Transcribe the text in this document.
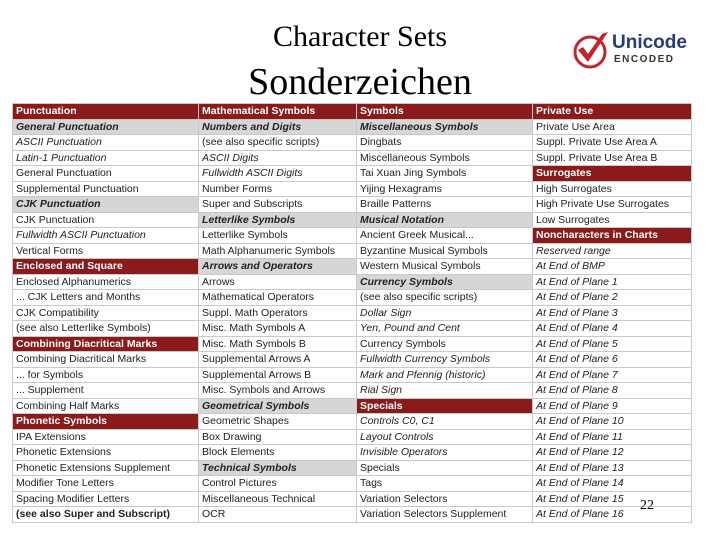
Character Sets
Sonderzeichen
Unicode
ENCODED
Punctuation	Mathematical Symbols	Symbols	Private Use
General Punctuation	Numbers and Digits	Miscellaneous Symbols	Private Use Area
ASCII Punctuation	(see also specific scripts)	Dingbats	Suppl. Private Use Area A
Latin-1 Punctuation	ASCII Digits	Miscellaneous Symbols	Suppl. Private Use Area B
General Punctuation	Fullwidth ASCII Digits	Tai Xuan Jing Symbols	Surrogates
Supplemental Punctuation	Number Forms	Yijing Hexagrams	High Surrogates
CJK Punctuation	Super and Subscripts	Braille Patterns	High Private Use Surrogates
CJK Punctuation	Letterlike Symbols	Musical Notation	Low Surrogates
Fullwidth ASCII Punctuation	Letterlike Symbols	Ancient Greek Musical...	Noncharacters in Charts
Vertical Forms	Math Alphanumeric Symbols	Byzantine Musical Symbols	Reserved range
Enclosed and Square	Arrows and Operators	Western Musical Symbols	At End of BMP
Enclosed Alphanumerics	Arrows	Currency Symbols	At End of Plane 1
... CJK Letters and Months	Mathematical Operators	(see also specific scripts)	At End of Plane 2
CJK Compatibility	Suppl. Math Operators	Dollar Sign	At End of Plane 3
(see also Letterlike Symbols)	Misc. Math Symbols A	Yen, Pound and Cent	At End of Plane 4
Combining Diacritical Marks	Misc. Math Symbols B	Currency Symbols	At End of Plane 5
Combining Diacritical Marks	Supplemental Arrows A	Fullwidth Currency Symbols	At End of Plane 6
... for Symbols	Supplemental Arrows B	Mark and Pfennig (historic)	At End of Plane 7
... Supplement	Misc. Symbols and Arrows	Rial Sign	At End of Plane 8
Combining Half Marks	Geometrical Symbols	Specials	At End of Plane 9
Phonetic Symbols	Geometric Shapes	Controls C0, C1	At End of Plane 10
IPA Extensions	Box Drawing	Layout Controls	At End of Plane 11
Phonetic Extensions	Block Elements	Invisible Operators	At End of Plane 12
Phonetic Extensions Supplement	Technical Symbols	Specials	At End of Plane 13
Modifier Tone Letters	Control Pictures	Tags	At End of Plane 14
Spacing Modifier Letters	Miscellaneous Technical	Variation Selectors	At End of Plane 15
(see also Super and Subscript)	OCR	Variation Selectors Supplement	At End of Plane 16
22
